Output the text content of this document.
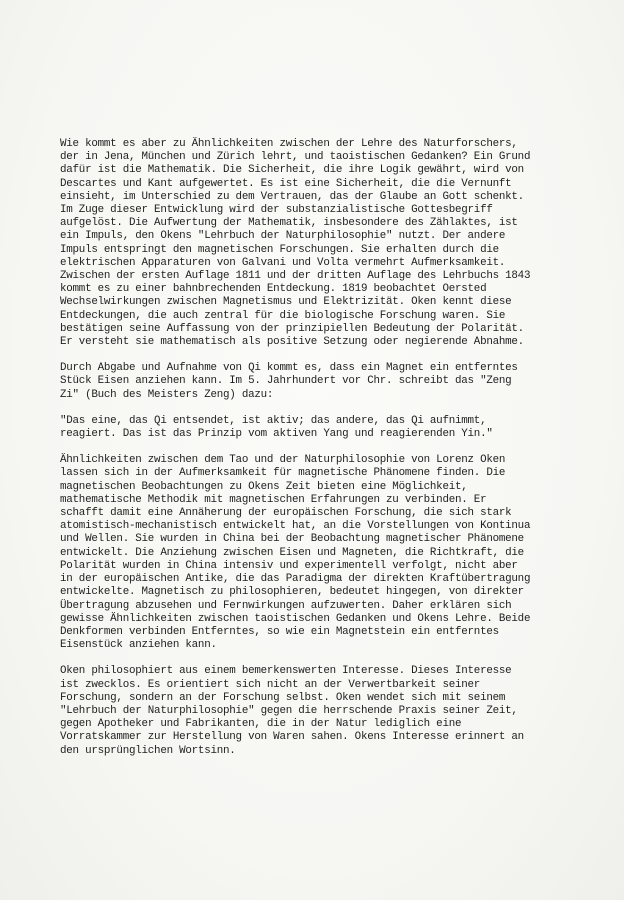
Wie kommt es aber zu Ähnlichkeiten zwischen der Lehre des Naturforschers,
der in Jena, München und Zürich lehrt, und taoistischen Gedanken? Ein Grund
dafür ist die Mathematik. Die Sicherheit, die ihre Logik gewährt, wird von
Descartes und Kant aufgewertet. Es ist eine Sicherheit, die die Vernunft
einsieht, im Unterschied zu dem Vertrauen, das der Glaube an Gott schenkt.
Im Zuge dieser Entwicklung wird der substanzialistische Gottesbegriff
aufgelöst. Die Aufwertung der Mathematik, insbesondere des Zählaktes, ist
ein Impuls, den Okens "Lehrbuch der Naturphilosophie" nutzt. Der andere
Impuls entspringt den magnetischen Forschungen. Sie erhalten durch die
elektrischen Apparaturen von Galvani und Volta vermehrt Aufmerksamkeit.
Zwischen der ersten Auflage 1811 und der dritten Auflage des Lehrbuchs 1843
kommt es zu einer bahnbrechenden Entdeckung. 1819 beobachtet Oersted
Wechselwirkungen zwischen Magnetismus und Elektrizität. Oken kennt diese
Entdeckungen, die auch zentral für die biologische Forschung waren. Sie
bestätigen seine Auffassung von der prinzipiellen Bedeutung der Polarität.
Er versteht sie mathematisch als positive Setzung oder negierende Abnahme.

Durch Abgabe und Aufnahme von Qi kommt es, dass ein Magnet ein entferntes
Stück Eisen anziehen kann. Im 5. Jahrhundert vor Chr. schreibt das "Zeng
Zi" (Buch des Meisters Zeng) dazu:

"Das eine, das Qi entsendet, ist aktiv; das andere, das Qi aufnimmt,
reagiert. Das ist das Prinzip vom aktiven Yang und reagierenden Yin."

Ähnlichkeiten zwischen dem Tao und der Naturphilosophie von Lorenz Oken
lassen sich in der Aufmerksamkeit für magnetische Phänomene finden. Die
magnetischen Beobachtungen zu Okens Zeit bieten eine Möglichkeit,
mathematische Methodik mit magnetischen Erfahrungen zu verbinden. Er
schafft damit eine Annäherung der europäischen Forschung, die sich stark
atomistisch-mechanistisch entwickelt hat, an die Vorstellungen von Kontinua
und Wellen. Sie wurden in China bei der Beobachtung magnetischer Phänomene
entwickelt. Die Anziehung zwischen Eisen und Magneten, die Richtkraft, die
Polarität wurden in China intensiv und experimentell verfolgt, nicht aber
in der europäischen Antike, die das Paradigma der direkten Kraftübertragung
entwickelte. Magnetisch zu philosophieren, bedeutet hingegen, von direkter
Übertragung abzusehen und Fernwirkungen aufzuwerten. Daher erklären sich
gewisse Ähnlichkeiten zwischen taoistischen Gedanken und Okens Lehre. Beide
Denkformen verbinden Entferntes, so wie ein Magnetstein ein entferntes
Eisenstück anziehen kann.

Oken philosophiert aus einem bemerkenswerten Interesse. Dieses Interesse
ist zwecklos. Es orientiert sich nicht an der Verwertbarkeit seiner
Forschung, sondern an der Forschung selbst. Oken wendet sich mit seinem
"Lehrbuch der Naturphilosophie" gegen die herrschende Praxis seiner Zeit,
gegen Apotheker und Fabrikanten, die in der Natur lediglich eine
Vorratskammer zur Herstellung von Waren sahen. Okens Interesse erinnert an
den ursprünglichen Wortsinn.
